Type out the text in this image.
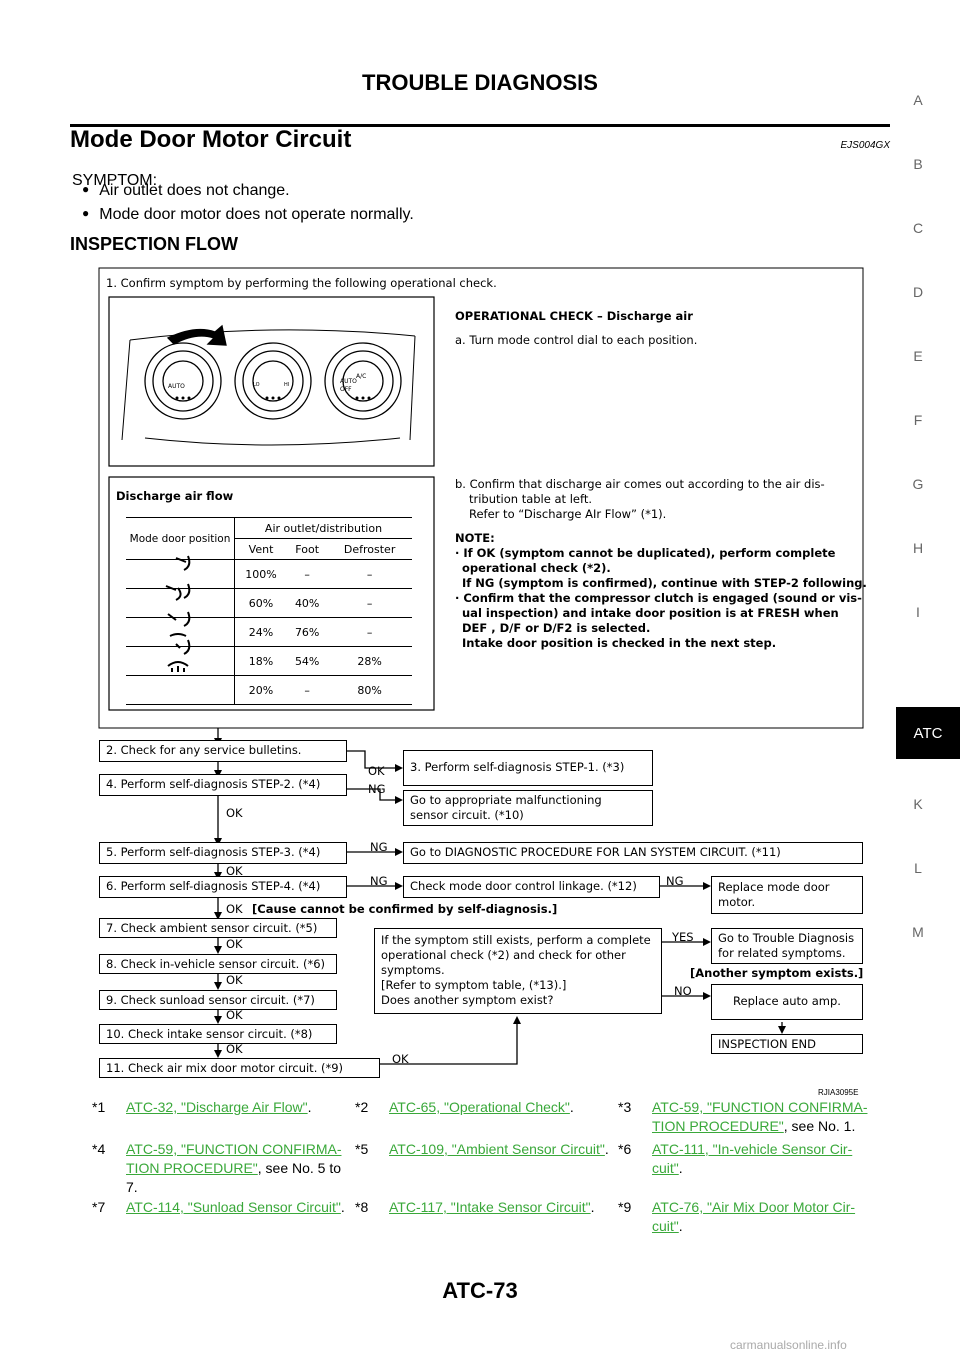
TROUBLE DIAGNOSIS
Mode Door Motor Circuit	EJS004GX
SYMPTOM:
● Air outlet does not change.
● Mode door motor does not operate normally.
INSPECTION FLOW
A
B
C
D
E
F
G
H
I
ATC
K
L
M
AUTO
AUTO
OFF
A/C
LO	HI
1. Confirm symptom by performing the following operational check.
OPERATIONAL CHECK – Discharge air
a. Turn mode control dial to each position.
b. Confirm that discharge air comes out according to the air dis-
tribution table at left.
Refer to “Discharge AIr Flow” (*1).
NOTE:
· If OK (symptom cannot be duplicated), perform complete
operational check (*2).
If NG (symptom is confirmed), continue with STEP-2 following.
· Confirm that the compressor clutch is engaged (sound or vis-
ual inspection) and intake door position is at FRESH when
DEF , D/F or D/F2 is selected.
Intake door position is checked in the next step.
Discharge air flow
Mode door position	Air outlet/distribution		
	Vent	Foot	Defroster
	100%	–	–
	60%	40%	–
	24%	76%	–
	18%	54%	28%
	20%	–	80%
2. Check for any service bulletins.
3. Perform self-diagnosis STEP-1. (*3)
4. Perform self-diagnosis STEP-2. (*4)
Go to appropriate malfunctioning
sensor circuit. (*10)
5. Perform self-diagnosis STEP-3. (*4)	Go to DIAGNOSTIC PROCEDURE FOR LAN SYSTEM CIRCUIT. (*11)
6. Perform self-diagnosis STEP-4. (*4)	Check mode door control linkage. (*12)	Replace mode door
motor.
[Cause cannot be confirmed by self-diagnosis.]
7. Check ambient sensor circuit. (*5)
8. Check in-vehicle sensor circuit. (*6)
9. Check sunload sensor circuit. (*7)
10. Check intake sensor circuit. (*8)
11. Check air mix door motor circuit. (*9)
If the symptom still exists, perform a complete
operational check (*2) and check for other
symptoms.
[Refer to symptom table, (*13).]
Does another symptom exist?
Go to Trouble Diagnosis
for related symptoms.
[Another symptom exists.]
Replace auto amp.
INSPECTION END
OK
NG
OK
NG
OK
NG	NG
OK
OK
OK
OK
OK
OK
YES
NO
RJIA3095E
*1 ATC-32, "Discharge Air Flow".	*2 ATC-65, "Operational Check".	*3 ATC-59, "FUNCTION CONFIRMA-
TION PROCEDURE", see No. 1.
*4 ATC-59, "FUNCTION CONFIRMA-
TION PROCEDURE", see No. 5 to
7.
*5 ATC-109, "Ambient Sensor Circuit". *6 ATC-111, "In-vehicle Sensor Cir-
cuit".
*7 ATC-114, "Sunload Sensor Circuit". *8 ATC-117, "Intake Sensor Circuit". *9 ATC-76, "Air Mix Door Motor Cir-
cuit".
ATC-73
carmanualsonline.info
